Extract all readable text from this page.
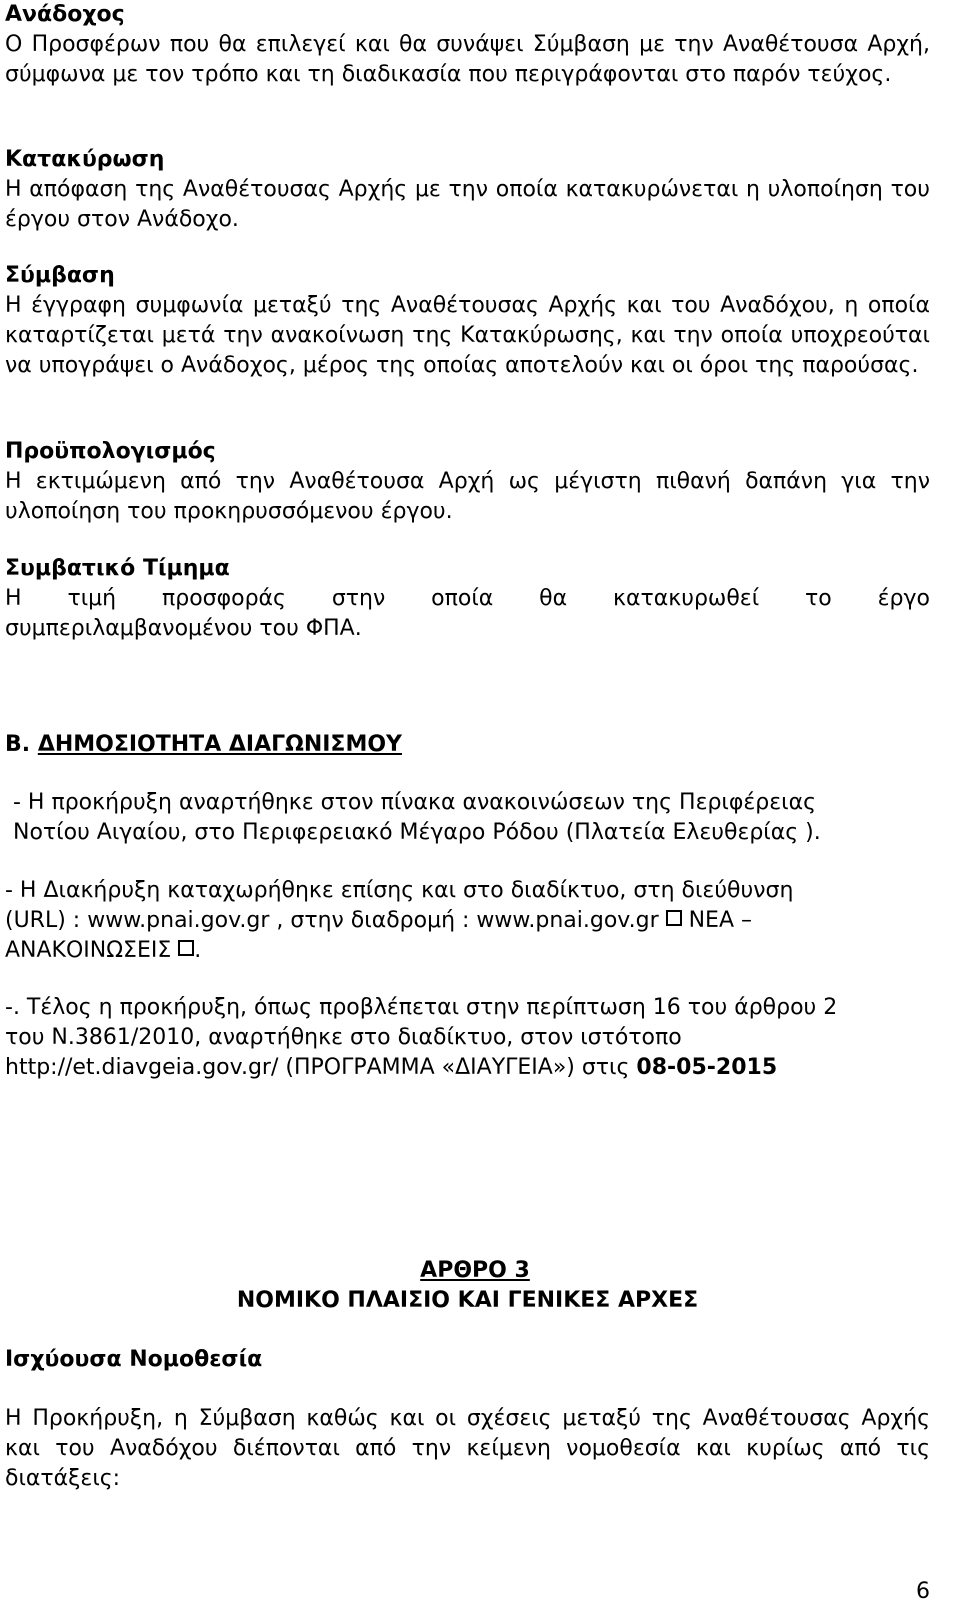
Ανάδοχος

Ο Προσφέρων που θα επιλεγεί και θα συνάψει Σύμβαση με την Αναθέτουσα Αρχή, σύμφωνα με τον τρόπο και τη διαδικασία που περιγράφονται στο παρόν τεύχος.

Κατακύρωση

Η απόφαση της Αναθέτουσας Αρχής με την οποία κατακυρώνεται η υλοποίηση του έργου στον Ανάδοχο.

Σύμβαση

Η έγγραφη συμφωνία μεταξύ της Αναθέτουσας Αρχής και του Αναδόχου, η οποία καταρτίζεται μετά την ανακοίνωση της Κατακύρωσης, και την οποία υποχρεούται να υπογράψει ο Ανάδοχος, μέρος της οποίας αποτελούν και οι όροι της παρούσας.

Προϋπολογισμός

Η εκτιμώμενη από την Αναθέτουσα Αρχή ως μέγιστη πιθανή δαπάνη για την υλοποίηση του προκηρυσσόμενου έργου.

Συμβατικό Τίμημα

Η τιμή προσφοράς στην οποία θα κατακυρωθεί το έργο

συμπεριλαμβανομένου του ΦΠΑ.

Β. ΔΗΜΟΣΙΟΤΗΤΑ ΔΙΑΓΩΝΙΣΜΟΥ

- Η προκήρυξη αναρτήθηκε στον πίνακα ανακοινώσεων της Περιφέρειας

Νοτίου Αιγαίου, στο Περιφερειακό Μέγαρο Ρόδου (Πλατεία Ελευθερίας ).

- Η Διακήρυξη καταχωρήθηκε επίσης και στο διαδίκτυο, στη διεύθυνση

(URL) : www.pnai.gov.gr , στην διαδρομή : www.pnai.gov.gr  ΝΕΑ –

ΑΝΑΚΟΙΝΩΣΕΙΣ .

-. Τέλος η προκήρυξη, όπως προβλέπεται στην περίπτωση 16 του άρθρου 2

του Ν.3861/2010, αναρτήθηκε στο διαδίκτυο, στον ιστότοπο

http://et.diavgeia.gov.gr/ (ΠΡΟΓΡΑΜΜΑ «ΔΙΑΥΓΕΙΑ») στις 08-05-2015

ΑΡΘΡΟ 3

ΝΟΜΙΚΟ ΠΛΑΙΣΙΟ ΚΑΙ ΓΕΝΙΚΕΣ ΑΡΧΕΣ

Ισχύουσα Νομοθεσία

Η Προκήρυξη, η Σύμβαση καθώς και οι σχέσεις μεταξύ της Αναθέτουσας Αρχής και του Αναδόχου διέπονται από την κείμενη νομοθεσία και κυρίως από τις διατάξεις:

6
